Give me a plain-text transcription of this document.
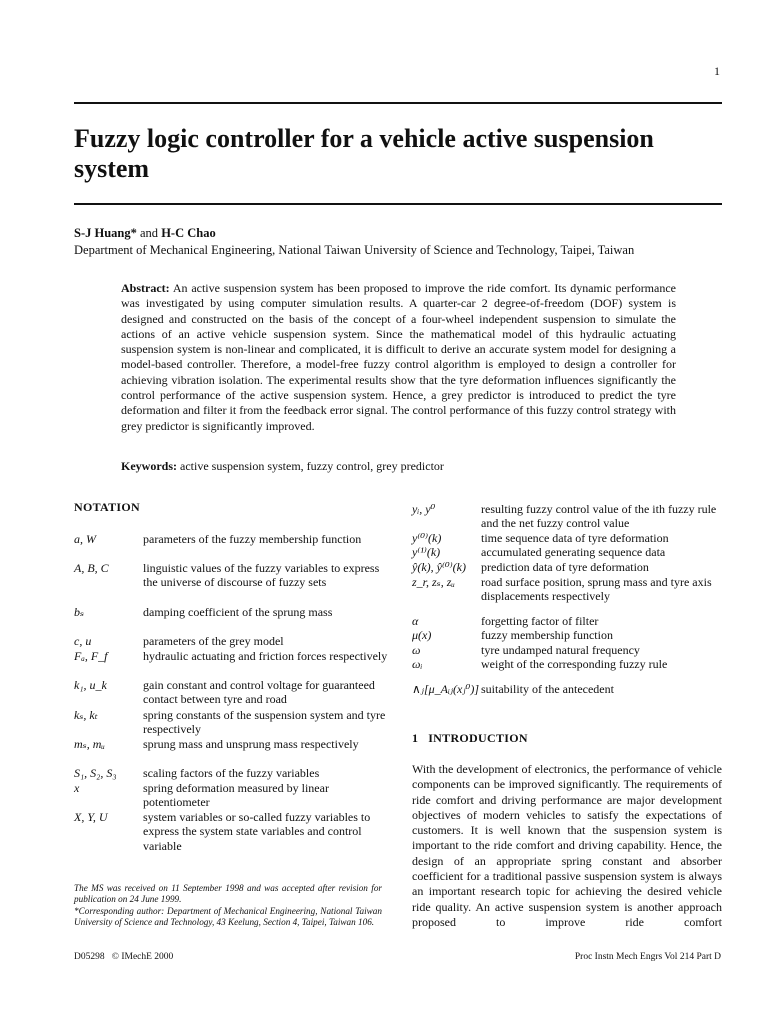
1
Fuzzy logic controller for a vehicle active suspension system
S-J Huang* and H-C Chao
Department of Mechanical Engineering, National Taiwan University of Science and Technology, Taipei, Taiwan
Abstract: An active suspension system has been proposed to improve the ride comfort. Its dynamic performance was investigated by using computer simulation results. A quarter-car 2 degree-of-freedom (DOF) system is designed and constructed on the basis of the concept of a four-wheel independent suspension to simulate the actions of an active vehicle suspension system. Since the mathematical model of this hydraulic actuating suspension system is non-linear and complicated, it is difficult to derive an accurate system model for designing a model-based controller. Therefore, a model-free fuzzy control algorithm is employed to design a controller for achieving vibration isolation. The experimental results show that the tyre deformation influences significantly the control performance of the active suspension system. Hence, a grey predictor is introduced to predict the tyre deformation and filter it from the feedback error signal. The control performance of this fuzzy control strategy with grey predictor is significantly improved.
Keywords: active suspension system, fuzzy control, grey predictor
NOTATION
a, W	parameters of the fuzzy membership function
A, B, C	linguistic values of the fuzzy variables to express the universe of discourse of fuzzy sets
bₛ	damping coefficient of the sprung mass
c, u	parameters of the grey model
Fₐ, F_f	hydraulic actuating and friction forces respectively
k₁, u_k	gain constant and control voltage for guaranteed contact between tyre and road
kₛ, kₜ	spring constants of the suspension system and tyre respectively
mₛ, mᵤ	sprung mass and unsprung mass respectively
S₁, S₂, S₃	scaling factors of the fuzzy variables
x	spring deformation measured by linear potentiometer
X, Y, U	system variables or so-called fuzzy variables to express the system state variables and control variable
yᵢ, y⁰	resulting fuzzy control value of the ith fuzzy rule and the net fuzzy control value
y⁽⁰⁾(k)	time sequence data of tyre deformation
y⁽¹⁾(k)	accumulated generating sequence data
ŷ(k), ŷ⁽⁰⁾(k)	prediction data of tyre deformation
z_r, zₛ, zᵤ	road surface position, sprung mass and tyre axis displacements respectively
α	forgetting factor of filter
μ(x)	fuzzy membership function
ω	tyre undamped natural frequency
ωᵢ	weight of the corresponding fuzzy rule
∧ⱼ[μ_Aᵢⱼ(xⱼ⁰)] suitability of the antecedent
1   INTRODUCTION
With the development of electronics, the performance of vehicle components can be improved significantly. The requirements of ride comfort and driving performance are major development objectives of modern vehicles to satisfy the expectations of customers. It is well known that the suspension system is important to the ride comfort and driving capability. Hence, the design of an appropriate spring constant and absorber coefficient for a traditional passive suspension system is always an important research topic for achieving the desired vehicle ride quality. An active suspension system is another approach proposed to improve ride comfort
The MS was received on 11 September 1998 and was accepted after revision for publication on 24 June 1999.
*Corresponding author: Department of Mechanical Engineering, National Taiwan University of Science and Technology, 43 Keelung, Section 4, Taipei, Taiwan 106.
D05298   © IMechE 2000	Proc Instn Mech Engrs Vol 214 Part D
